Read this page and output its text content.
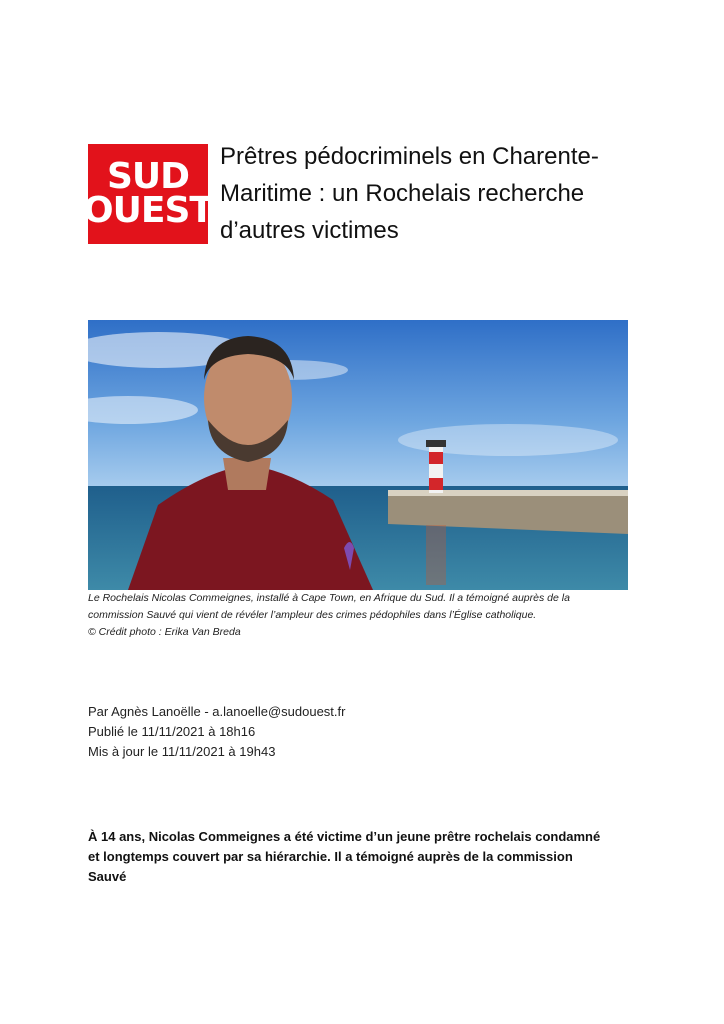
SUD
OUEST
Prêtres pédocriminels en Charente-Maritime : un Rochelais recherche d’autres victimes

Le Rochelais Nicolas Commeignes, installé à Cape Town, en Afrique du Sud. Il a témoigné auprès de la commission Sauvé qui vient de révéler l’ampleur des crimes pédophiles dans l’Église catholique.

© Crédit photo : Erika Van Breda

Par Agnès Lanoëlle - a.lanoelle@sudouest.fr

Publié le 11/11/2021 à 18h16

Mis à jour le 11/11/2021 à 19h43

À 14 ans, Nicolas Commeignes a été victime d’un jeune prêtre rochelais condamné et longtemps couvert par sa hiérarchie. Il a témoigné auprès de la commission Sauvé
